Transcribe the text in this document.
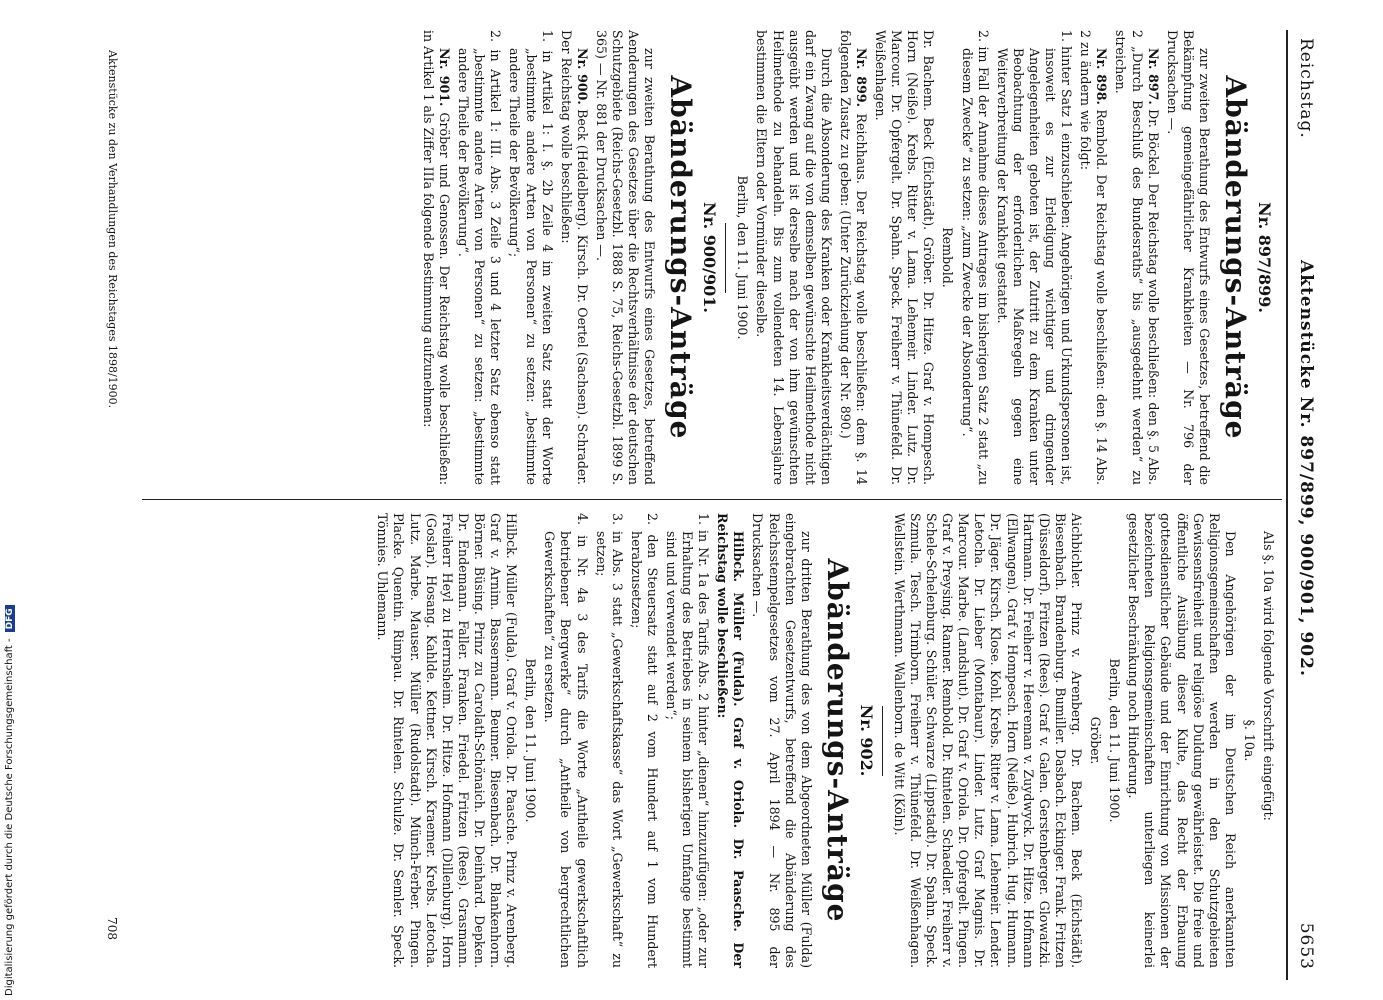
Reichstag.
Aktenstücke Nr. 897/899, 900/901, 902.
5653
Nr. 897/899.
Abänderungs-Anträge

zur zweiten Berathung des Entwurfs eines Gesetzes, betreffend die Bekämpfung gemeingefährlicher Krankheiten — Nr. 796 der Drucksachen —.

Nr. 897. Dr. Böckel. Der Reichstag wolle beschließen: den §. 5 Abs. 2 „Durch Beschluß des Bundesraths“ bis „ausgedehnt werden“ zu streichen.

Nr. 898. Rembold. Der Reichstag wolle beschließen: den §. 14 Abs. 2 zu ändern wie folgt:

1. hinter Satz 1 einzuschieben: Angehörigen und Urkundspersonen ist, insoweit es zur Erledigung wichtiger und dringender Angelegenheiten geboten ist, der Zutritt zu dem Kranken unter Beobachtung der erforderlichen Maßregeln gegen eine Weiterverbreitung der Krankheit gestattet.

2. im Fall der Annahme dieses Antrages im bisherigen Satz 2 statt „zu diesem Zwecke“ zu setzen: „zum Zwecke der Absonderung“.

Rembold.

Dr. Bachem. Beck (Eichstädt). Gröber. Dr. Hitze. Graf v. Hompesch. Horn (Neiße). Krebs. Ritter v. Lama. Lehemeir. Linder. Lutz. Dr. Marcour. Dr. Opfergelt. Dr. Spahn. Speck. Freiherr v. Thünefeld. Dr. Weißenhagen.

Nr. 899. Reichhaus. Der Reichstag wolle beschließen: dem §. 14 folgenden Zusatz zu geben: (Unter Zurückziehung der Nr. 890.)

Durch die Absonderung des Kranken oder Krankheitsverdächtigen darf ein Zwang auf die von demselben gewünschte Heilmethode nicht ausgeübt werden und ist derselbe nach der von ihm gewünschten Heilmethode zu behandeln. Bis zum vollendeten 14. Lebensjahre bestimmen die Eltern oder Vormünder dieselbe.

Berlin, den 11. Juni 1900.

Nr. 900/901.
Abänderungs-Anträge

zur zweiten Berathung des Entwurfs eines Gesetzes, betreffend Aenderungen des Gesetzes über die Rechtsverhältnisse der deutschen Schutzgebiete (Reichs-Gesetzbl. 1888 S. 75, Reichs-Gesetzbl. 1899 S. 365) — Nr. 881 der Drucksachen —.

Nr. 900. Beck (Heidelberg). Kirsch. Dr. Oertel (Sachsen). Schrader. Der Reichstag wolle beschließen:

1. in Artikel 1: I. §. 2b Zeile 4 im zweiten Satz statt der Worte „bestimmte andere Arten von Personen“ zu setzen: „bestimmte andere Theile der Bevölkerung“;

2. in Artikel 1: III. Abs. 3 Zeile 3 und 4 letzter Satz ebenso statt „bestimmte andere Arten von Personen“ zu setzen: „bestimmte andere Theile der Bevölkerung“.

Nr. 901. Gröber und Genossen. Der Reichstag wolle beschließen: in Artikel 1 als Ziffer IIIa folgende Bestimmung aufzunehmen:

Als §. 10a wird folgende Vorschrift eingefügt:

§. 10a.

Den Angehörigen der im Deutschen Reich anerkannten Religionsgemeinschaften werden in den Schutzgebieten Gewissensfreiheit und religiöse Duldung gewährleistet. Die freie und öffentliche Ausübung dieser Kulte, das Recht der Erbauung gottesdienstlicher Gebäude und der Einrichtung von Missionen der bezeichneten Religionsgemeinschaften unterliegen keinerlei gesetzlicher Beschränkung noch Hinderung.

Berlin, den 11. Juni 1900.

Gröber.

Aichbichler. Prinz v. Arenberg. Dr. Bachem. Beck (Eichstädt). Biesenbach. Brandenburg. Bumiller. Dasbach. Eckinger. Frank. Fritzen (Düsseldorf). Fritzen (Rees). Graf v. Galen. Gerstenberger. Glowatzki. Hartmann. Dr. Freiherr v. Heereman v. Zuydwyck. Dr. Hitze. Hofmann (Ellwangen). Graf v. Hompesch. Horn (Neiße). Hubrich. Hug. Humann. Dr. Jäger. Kirsch. Klose. Kohl. Krebs. Ritter v. Lama. Lehemeir. Lender. Letocha. Dr. Lieber (Montabaur). Linder. Lutz. Graf Magnis. Dr. Marcour. Marbe. (Landshut). Dr. Graf v. Oriola. Dr. Opfergelt. Pingen. Graf v. Preysing. Ranner. Rembold. Dr. Rintelen. Schaedler. Freiherr v. Schele-Schelenburg. Schüler. Schwarze (Lippstadt). Dr. Spahn. Speck. Szmula. Tesch. Trimborn. Freiherr v. Thünefeld. Dr. Weißenhagen. Wellstein. Werthmann. Wallenborn. de Witt (Köln).

Nr. 902.
Abänderungs-Anträge

zur dritten Berathung des von dem Abgeordneten Müller (Fulda) eingebrachten Gesetzentwurfs, betreffend die Abänderung des Reichsstempelgesetzes vom 27. April 1894 — Nr. 895 der Drucksachen —.

Hilbck. Müller (Fulda). Graf v. Oriola. Dr. Paasche. Der Reichstag wolle beschließen:

1. in Nr. 1a des Tarifs Abs. 2 hinter „dienen“ hinzuzufügen: „oder zur Erhaltung des Betriebes in seinem bisherigen Umfange bestimmt sind und verwendet werden“;

2. den Steuersatz statt auf 2 vom Hundert auf 1 vom Hundert herabzusetzen;

3. in Abs. 3 statt „Gewerkschaftskasse“ das Wort „Gewerkschaft“ zu setzen;

4. in Nr. 4a 3 des Tarifs die Worte „Antheile gewerkschaftlich betriebener Bergwerke“ durch „Antheile von bergrechtlichen Gewerkschaften“ zu ersetzen.

Berlin, den 11. Juni 1900.

Hilbck. Müller (Fulda). Graf v. Oriola. Dr. Paasche. Prinz v. Arenberg. Graf v. Arnim. Bassermann. Beumer. Biesenbach. Dr. Blankenhorn. Börner. Büsing. Prinz zu Carolath-Schönaich. Dr. Deinhard. Depken. Dr. Endemann. Faller. Franken. Friedel. Fritzen (Rees). Grasmann. Freiherr Heyl zu Herrnsheim. Dr. Hitze. Hofmann (Dillenburg). Horn (Goslar). Hosang. Kahlde. Kettner. Kirsch. Kraemer. Krebs. Letocha. Lutz. Marbe. Mauser. Müller (Rudolstadt). Münch-Ferber. Pingen. Placke. Quentin. Rimpau. Dr. Rintelen. Schulze. Dr. Semler. Speck. Tönnies. Uhlemann.

Aktenstücke zu den Verhandlungen des Reichstages 1898/1900.
708
Digitalisierung gefördert durch die Deutsche Forschungsgemeinschaft -DFG
